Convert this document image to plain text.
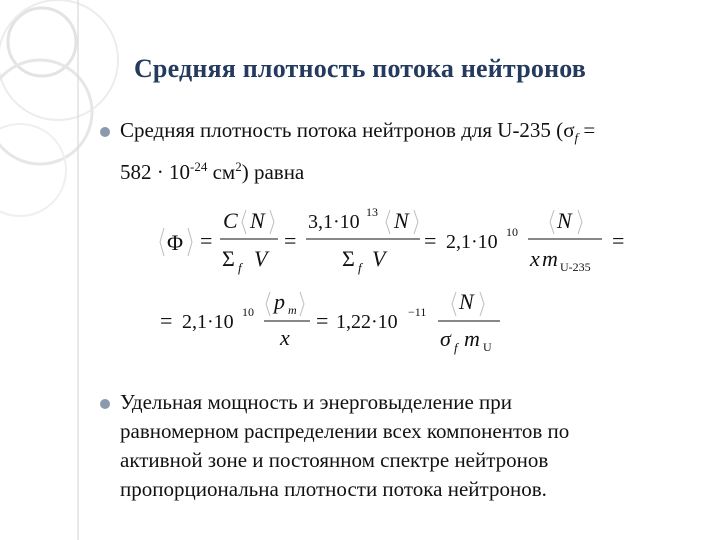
Средняя плотность потока нейтронов
Средняя плотность потока нейтронов для U-235 ($\sigma_f$ =
$582 \cdot 10^{-24}$ $см^2$) равна
Φ =
C N
Σ f V
=
3,1·10 13 N
Σ f V
= 2,1·10 10 N
x m U-235
=
= 2,1·10 10 p m
x
= 1,22·10 −11 N
σ f m U
Удельная мощность и энерговыделение при
равномерном распределении всех компонентов по
активной зоне и постоянном спектре нейтронов
пропорциональна плотности потока нейтронов.
